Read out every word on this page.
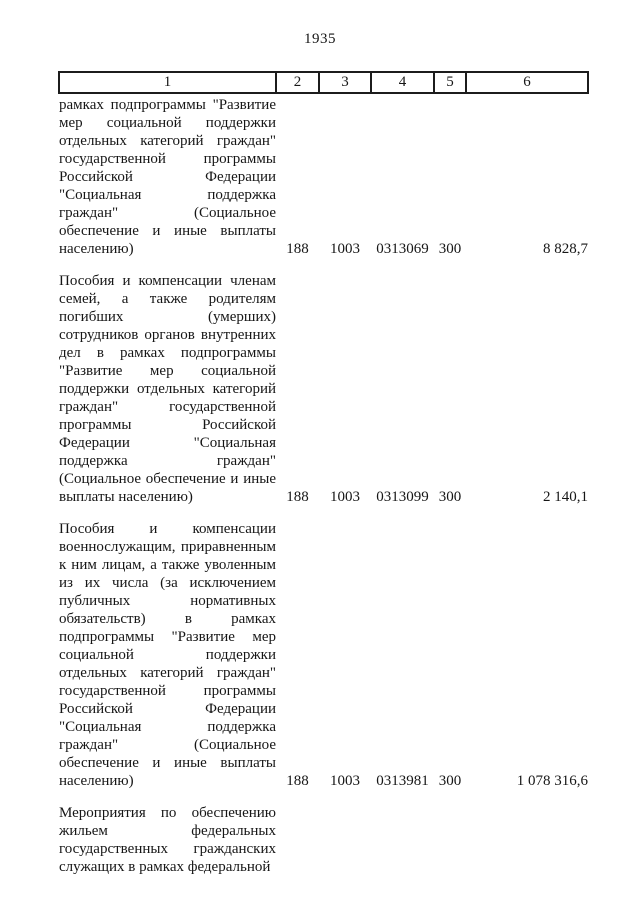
1935
1	2	3	4	5	6
рамках подпрограммы "Развитие мер социальной поддержки отдельных категорий граждан" государственной программы Российской Федерации "Социальная поддержка граждан" (Социальное обеспечение и иные выплаты населению)	188	1003	0313069	300	8 828,7
Пособия и компенсации членам семей, а также родителям погибших (умерших) сотрудников органов внутренних дел в рамках подпрограммы "Развитие мер социальной поддержки отдельных категорий граждан" государственной программы Российской Федерации "Социальная поддержка граждан" (Социальное обеспечение и иные выплаты населению)	188	1003	0313099	300	2 140,1
Пособия и компенсации военнослужащим, приравненным к ним лицам, а также уволенным из их числа (за исключением публичных нормативных обязательств) в рамках подпрограммы "Развитие мер социальной поддержки отдельных категорий граждан" государственной программы Российской Федерации "Социальная поддержка граждан" (Социальное обеспечение и иные выплаты населению)	188	1003	0313981	300	1 078 316,6
Мероприятия по обеспечению жильем федеральных государственных гражданских служащих в рамках федеральной					
